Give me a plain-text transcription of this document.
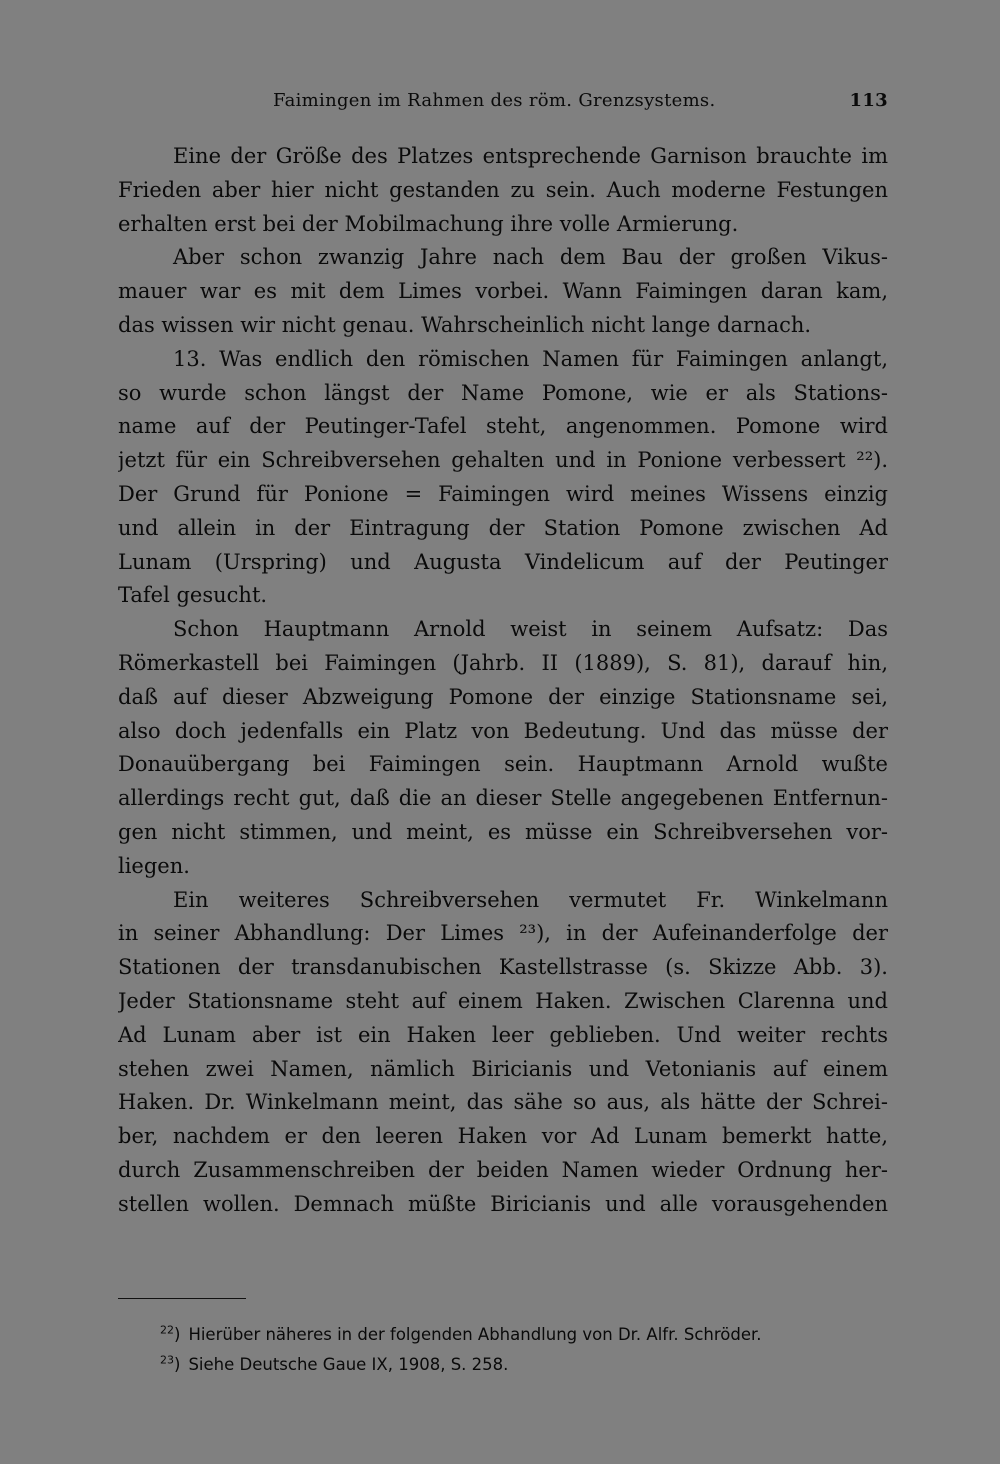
Faimingen im Rahmen des röm. Grenzsystems.	113
Eine der Größe des Platzes entsprechende Garnison brauchte im
Frieden aber hier nicht gestanden zu sein. Auch moderne Festungen
erhalten erst bei der Mobilmachung ihre volle Armierung.
Aber schon zwanzig Jahre nach dem Bau der großen Vikus-
mauer war es mit dem Limes vorbei. Wann Faimingen daran kam,
das wissen wir nicht genau. Wahrscheinlich nicht lange darnach.
13. Was endlich den römischen Namen für Faimingen anlangt,
so wurde schon längst der Name Pomone, wie er als Stations-
name auf der Peutinger-Tafel steht, angenommen. Pomone wird
jetzt für ein Schreibversehen gehalten und in Ponione verbessert ²²).
Der Grund für Ponione = Faimingen wird meines Wissens einzig
und allein in der Eintragung der Station Pomone zwischen Ad
Lunam (Urspring) und Augusta Vindelicum auf der Peutinger
Tafel gesucht.
Schon Hauptmann Arnold weist in seinem Aufsatz: Das
Römerkastell bei Faimingen (Jahrb. II (1889), S. 81), darauf hin,
daß auf dieser Abzweigung Pomone der einzige Stationsname sei,
also doch jedenfalls ein Platz von Bedeutung. Und das müsse der
Donauübergang bei Faimingen sein. Hauptmann Arnold wußte
allerdings recht gut, daß die an dieser Stelle angegebenen Entfernun-
gen nicht stimmen, und meint, es müsse ein Schreibversehen vor-
liegen.
Ein weiteres Schreibversehen vermutet Fr. Winkelmann
in seiner Abhandlung: Der Limes ²³), in der Aufeinanderfolge der
Stationen der transdanubischen Kastellstrasse (s. Skizze Abb. 3).
Jeder Stationsname steht auf einem Haken. Zwischen Clarenna und
Ad Lunam aber ist ein Haken leer geblieben. Und weiter rechts
stehen zwei Namen, nämlich Biricianis und Vetonianis auf einem
Haken. Dr. Winkelmann meint, das sähe so aus, als hätte der Schrei-
ber, nachdem er den leeren Haken vor Ad Lunam bemerkt hatte,
durch Zusammenschreiben der beiden Namen wieder Ordnung her-
stellen wollen. Demnach müßte Biricianis und alle vorausgehenden
$^{22}$) Hierüber näheres in der folgenden Abhandlung von Dr. Alfr. Schröder.
$^{23}$) Siehe Deutsche Gaue IX, 1908, S. 258.
